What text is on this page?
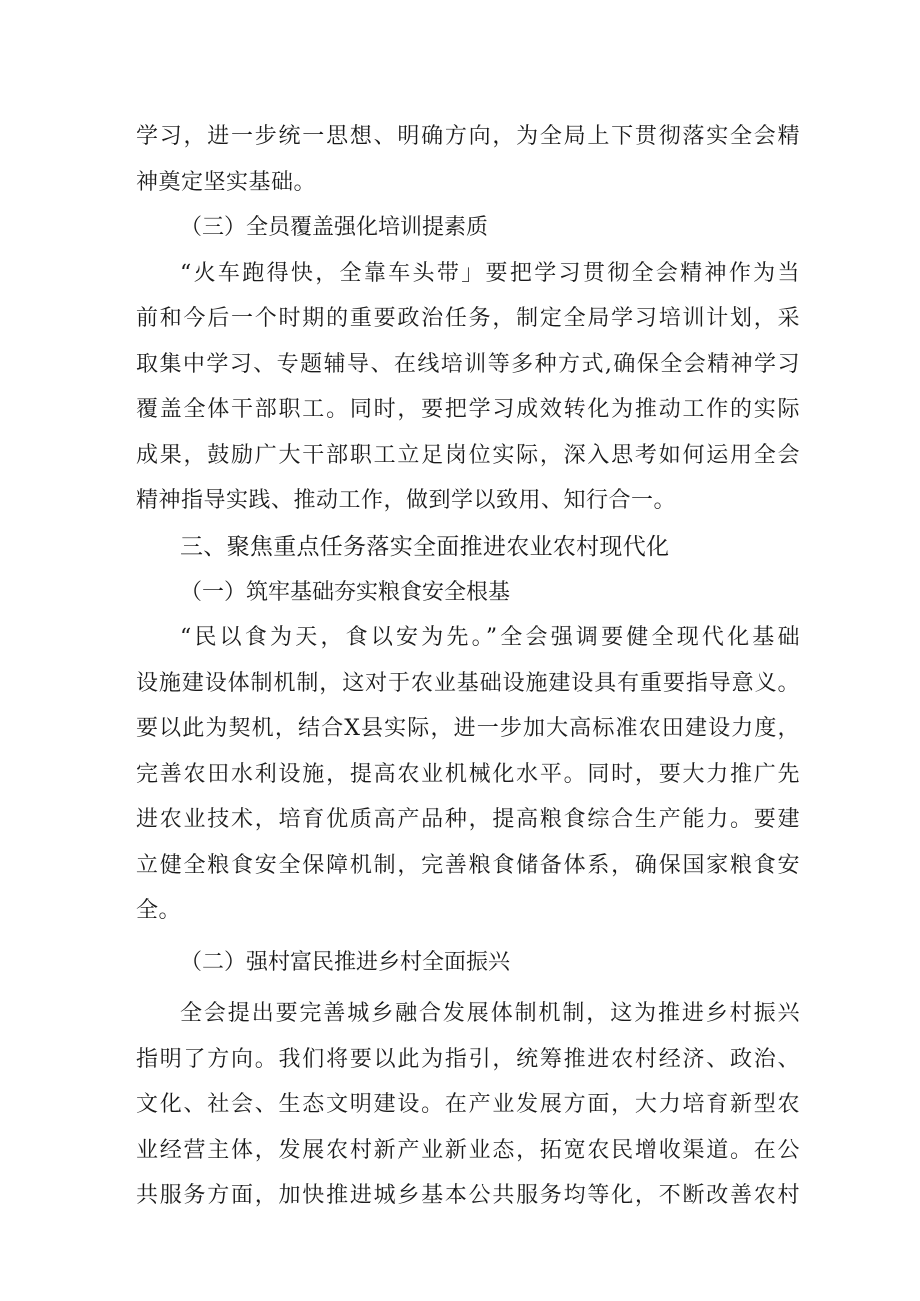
学习，进一步统一思想、明确方向，为全局上下贯彻落实全会精
神奠定坚实基础。
（三）全员覆盖强化培训提素质
“火车跑得快，全靠车头带」要把学习贯彻全会精神作为当
前和今后一个时期的重要政治任务，制定全局学习培训计划，采
取集中学习、专题辅导、在线培训等多种方式,确保全会精神学习
覆盖全体干部职工。同时，要把学习成效转化为推动工作的实际
成果，鼓励广大干部职工立足岗位实际，深入思考如何运用全会
精神指导实践、推动工作，做到学以致用、知行合一。
三、聚焦重点任务落实全面推进农业农村现代化
（一）筑牢基础夯实粮食安全根基
“民以食为天，食以安为先。”全会强调要健全现代化基础
设施建设体制机制，这对于农业基础设施建设具有重要指导意义。
要以此为契机，结合X县实际，进一步加大高标准农田建设力度，
完善农田水利设施，提高农业机械化水平。同时，要大力推广先
进农业技术，培育优质高产品种，提高粮食综合生产能力。要建
立健全粮食安全保障机制，完善粮食储备体系，确保国家粮食安
全。
（二）强村富民推进乡村全面振兴
全会提出要完善城乡融合发展体制机制，这为推进乡村振兴
指明了方向。我们将要以此为指引，统筹推进农村经济、政治、
文化、社会、生态文明建设。在产业发展方面，大力培育新型农
业经营主体，发展农村新产业新业态，拓宽农民增收渠道。在公
共服务方面，加快推进城乡基本公共服务均等化，不断改善农村
